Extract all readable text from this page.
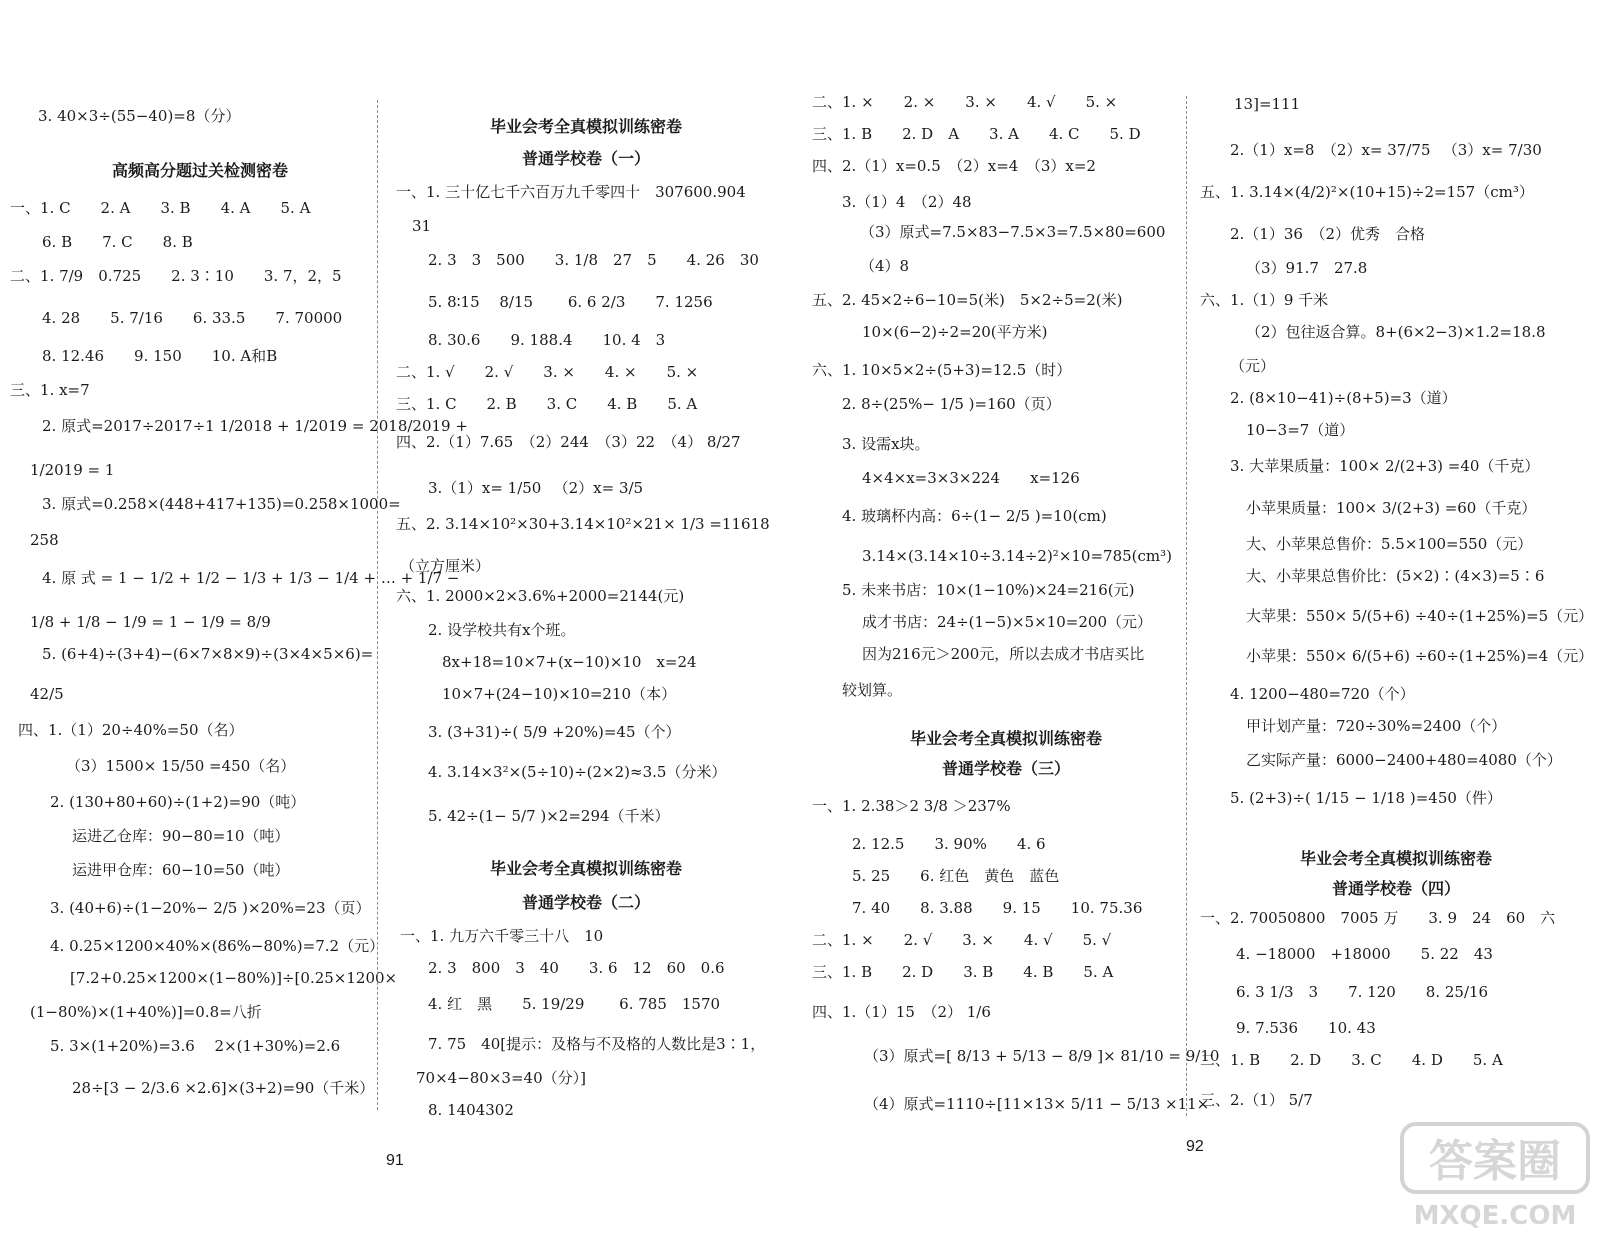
3. 40×3÷(55−40)=8（分）
高频高分题过关检测密卷
一、1. C　　2. A　　3. B　　4. A　　5. A
6. B　　7. C　　8. B
二、1. 7/9　0.725　　2. 3∶10　　3. 7，2，5
4. 28　　5. 7/16　　6. 33.5　　7. 70000
8. 12.46　　9. 150　　10. A和B
三、1. x=7
2. 原式=2017÷2017÷1 1/2018 + 1/2019 = 2018/2019 +
1/2019 = 1
3. 原式=0.258×(448+417+135)=0.258×1000=
258
4. 原 式 = 1 − 1/2 + 1/2 − 1/3 + 1/3 − 1/4 + … + 1/7 −
1/8 + 1/8 − 1/9 = 1 − 1/9 = 8/9
5. (6+4)÷(3+4)−(6×7×8×9)÷(3×4×5×6)=
42/5
四、1.（1）20÷40%=50（名）
（3）1500× 15/50 =450（名）
2. (130+80+60)÷(1+2)=90（吨）
运进乙仓库：90−80=10（吨）
运进甲仓库：60−10=50（吨）
3. (40+6)÷(1−20%− 2/5 )×20%=23（页）
4. 0.25×1200×40%×(86%−80%)=7.2（元）
[7.2+0.25×1200×(1−80%)]÷[0.25×1200×
(1−80%)×(1+40%)]=0.8=八折
5. 3×(1+20%)=3.6　 2×(1+30%)=2.6
28÷[3 − 2/3.6 ×2.6]×(3+2)=90（千米）
毕业会考全真模拟训练密卷
普通学校卷（一）
一、1. 三十亿七千六百万九千零四十　307600.904
31
2. 3　3　500　　3. 1/8　27　5　　4. 26　30
5. 8∶15　 8/15 　　6. 6 2/3　　7. 1256
8. 30.6　　9. 188.4　　10. 4　3
二、1. √　　2. √　　3. ×　　4. ×　　5. ×
三、1. C　　2. B　　3. C　　4. B　　5. A
四、2.（1）7.65　（2）244　（3）22　（4） 8/27
3.（1）x= 1/50 　（2）x= 3/5
五、2. 3.14×10²×30+3.14×10²×21× 1/3 =11618
（立方厘米）
六、1. 2000×2×3.6%+2000=2144(元)
2. 设学校共有x个班。
8x+18=10×7+(x−10)×10　x=24
10×7+(24−10)×10=210（本）
3. (3+31)÷( 5/9 +20%)=45（个）
4. 3.14×3²×(5÷10)÷(2×2)≈3.5（分米）
5. 42÷(1− 5/7 )×2=294（千米）
毕业会考全真模拟训练密卷
普通学校卷（二）
一、1. 九万六千零三十八　10
2. 3　800　3　40　　3. 6　12　60　0.6
4. 红　黑　　5. 19/29 　　6. 785　1570
7. 75　40[提示：及格与不及格的人数比是3∶1，
70×4−80×3=40（分）]
8. 1404302
二、1. ×　　2. ×　　3. ×　　4. √　　5. ×
三、1. B　　2. D　A　　3. A　　4. C　　5. D
四、2.（1）x=0.5　（2）x=4　（3）x=2
3.（1）4　（2）48
（3）原式=7.5×83−7.5×3=7.5×80=600
（4）8
五、2. 45×2÷6−10=5(米)　5×2÷5=2(米)
10×(6−2)÷2=20(平方米)
六、1. 10×5×2÷(5+3)=12.5（时）
2. 8÷(25%− 1/5 )=160（页）
3. 设需x块。
4×4×x=3×3×224　　x=126
4. 玻璃杯内高：6÷(1− 2/5 )=10(cm)
3.14×(3.14×10÷3.14÷2)²×10=785(cm³)
5. 未来书店：10×(1−10%)×24=216(元)
成才书店：24÷(1−5)×5×10=200（元）
因为216元＞200元，所以去成才书店买比
较划算。
毕业会考全真模拟训练密卷
普通学校卷（三）
一、1. 2.38＞2 3/8 ＞237%
2. 12.5　　3. 90%　　4. 6
5. 25　　6. 红色　黄色　蓝色
7. 40　　8. 3.88　　9. 15　　10. 75.36
二、1. ×　　2. √　　3. ×　　4. √　　5. √
三、1. B　　2. D　　3. B　　4. B　　5. A
四、1.（1）15　（2） 1/6
（3）原式=[ 8/13 + 5/13 − 8/9 ]× 81/10 = 9/10
（4）原式=1110÷[11×13× 5/11 − 5/13 ×11×
13]=111
2.（1）x=8　（2）x= 37/75 　（3）x= 7/30
五、1. 3.14×(4/2)²×(10+15)÷2=157（cm³）
2.（1）36　（2）优秀　合格
（3）91.7　27.8
六、1.（1）9 千米
（2）包往返合算。8+(6×2−3)×1.2=18.8
（元）
2. (8×10−41)÷(8+5)=3（道）
10−3=7（道）
3. 大苹果质量：100× 2/(2+3) =40（千克）
小苹果质量：100× 3/(2+3) =60（千克）
大、小苹果总售价：5.5×100=550（元）
大、小苹果总售价比：(5×2)∶(4×3)=5∶6
大苹果：550× 5/(5+6) ÷40÷(1+25%)=5（元）
小苹果：550× 6/(5+6) ÷60÷(1+25%)=4（元）
4. 1200−480=720（个）
甲计划产量：720÷30%=2400（个）
乙实际产量：6000−2400+480=4080（个）
5. (2+3)÷( 1/15 − 1/18 )=450（件）
毕业会考全真模拟训练密卷
普通学校卷（四）
一、2. 70050800　7005 万　　3. 9　24　60　六
4. −18000　+18000　　5. 22　43
6. 3 1/3　3　　7. 120　　8. 25/16
9. 7.536　　10. 43
二、1. B　　2. D　　3. C　　4. D　　5. A
三、2.（1） 5/7
91
92	答案圈
MXQE.COM
